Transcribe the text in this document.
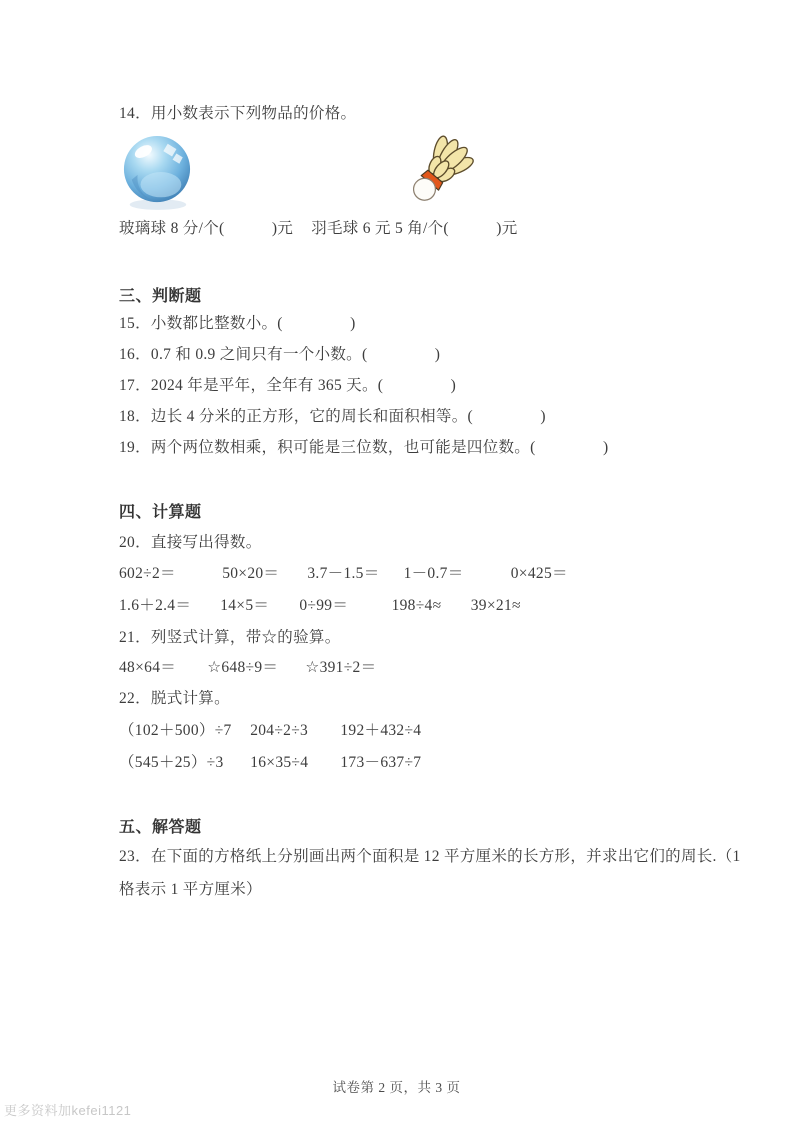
14．用小数表示下列物品的价格。

玻璃球 8 分/个(　　　)元 羽毛球 6 元 5 角/个(　　　)元

三、判断题

15．小数都比整数小。(　　　　 )

16．0.7 和 0.9 之间只有一个小数。(　　　　 )

17．2024 年是平年，全年有 365 天。(　　　　 )

18．边长 4 分米的正方形，它的周长和面积相等。(　　　　 )

19．两个两位数相乘，积可能是三位数，也可能是四位数。(　　　　 )

四、计算题

20．直接写出得数。

602÷2＝	50×20＝ 3.7－1.5＝ 1－0.7＝	0×425＝

1.6＋2.4＝ 14×5＝ 0÷99＝	198÷4≈ 39×21≈

21．列竖式计算，带☆的验算。

48×64＝ ☆648÷9＝ ☆391÷2＝

22．脱式计算。

（102＋500）÷7 204÷2÷3 192＋432÷4

（545＋25）÷3 16×35÷4 173－637÷7

五、解答题

23．在下面的方格纸上分别画出两个面积是 12 平方厘米的长方形，并求出它们的周长.（1

格表示 1 平方厘米）

试卷第 2 页，共 3 页
更多资料加kefei1121
